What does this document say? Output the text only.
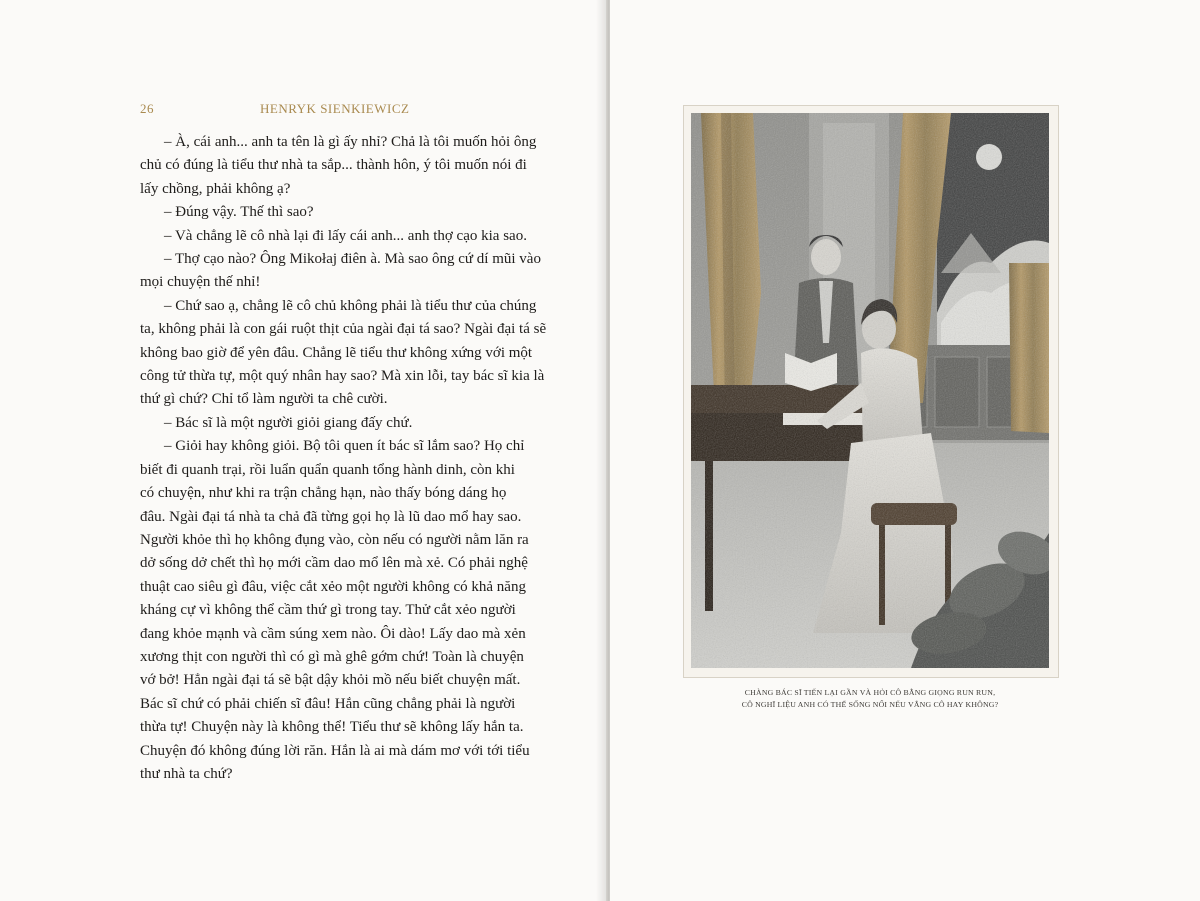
26	HENRYK SIENKIEWICZ

– À, cái anh... anh ta tên là gì ấy nhỉ? Chả là tôi muốn hỏi ông

chủ có đúng là tiểu thư nhà ta sắp... thành hôn, ý tôi muốn nói đi

lấy chồng, phải không ạ?

– Đúng vậy. Thế thì sao?

– Và chẳng lẽ cô nhà lại đi lấy cái anh... anh thợ cạo kia sao.

– Thợ cạo nào? Ông Mikołaj điên à. Mà sao ông cứ dí mũi vào

mọi chuyện thế nhỉ!

– Chứ sao ạ, chẳng lẽ cô chủ không phải là tiểu thư của chúng

ta, không phải là con gái ruột thịt của ngài đại tá sao? Ngài đại tá sẽ

không bao giờ để yên đâu. Chẳng lẽ tiểu thư không xứng với một

công tử thừa tự, một quý nhân hay sao? Mà xin lỗi, tay bác sĩ kia là

thứ gì chứ? Chỉ tổ làm người ta chê cười.

– Bác sĩ là một người giỏi giang đấy chứ.

– Giỏi hay không giỏi. Bộ tôi quen ít bác sĩ lắm sao? Họ chỉ

biết đi quanh trại, rồi luẩn quẩn quanh tổng hành dinh, còn khi

có chuyện, như khi ra trận chẳng hạn, nào thấy bóng dáng họ

đâu. Ngài đại tá nhà ta chả đã từng gọi họ là lũ dao mổ hay sao.

Người khỏe thì họ không đụng vào, còn nếu có người nằm lăn ra

dở sống dở chết thì họ mới cầm dao mổ lên mà xẻ. Có phải nghệ

thuật cao siêu gì đâu, việc cắt xẻo một người không có khả năng

kháng cự vì không thể cầm thứ gì trong tay. Thử cắt xẻo người

đang khỏe mạnh và cầm súng xem nào. Ôi dào! Lấy dao mà xẻn

xương thịt con người thì có gì mà ghê gớm chứ! Toàn là chuyện

vớ bở! Hẳn ngài đại tá sẽ bật dậy khỏi mồ nếu biết chuyện mất.

Bác sĩ chứ có phải chiến sĩ đâu! Hắn cũng chẳng phải là người

thừa tự! Chuyện này là không thể! Tiểu thư sẽ không lấy hắn ta.

Chuyện đó không đúng lời răn. Hắn là ai mà dám mơ với tới tiểu

thư nhà ta chứ?

CHÀNG BÁC SĨ TIẾN LẠI GẦN VÀ HỎI CÔ BẰNG GIỌNG RUN RUN,
CÔ NGHĨ LIỆU ANH CÓ THỂ SỐNG NỔI NẾU VẮNG CÔ HAY KHÔNG?
